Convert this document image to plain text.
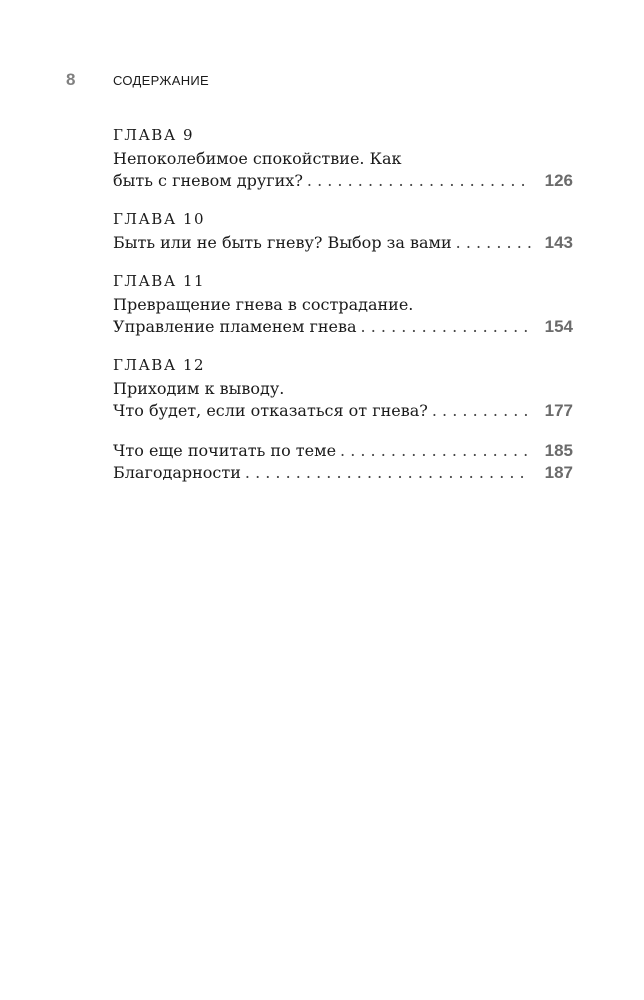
8	СОДЕРЖАНИЕ
ГЛАВА 9
Непоколебимое спокойствие. Как
быть с гневом других? . . .	126
ГЛАВА 10
Быть или не быть гневу? Выбор за вами . . .	143
ГЛАВА 11
Превращение гнева в сострадание.
Управление пламенем гнева . . .	154
ГЛАВА 12
Приходим к выводу.
Что будет, если отказаться от гнева? . . .	177
Что еще почитать по теме . . .	185
Благодарности . . .	187
